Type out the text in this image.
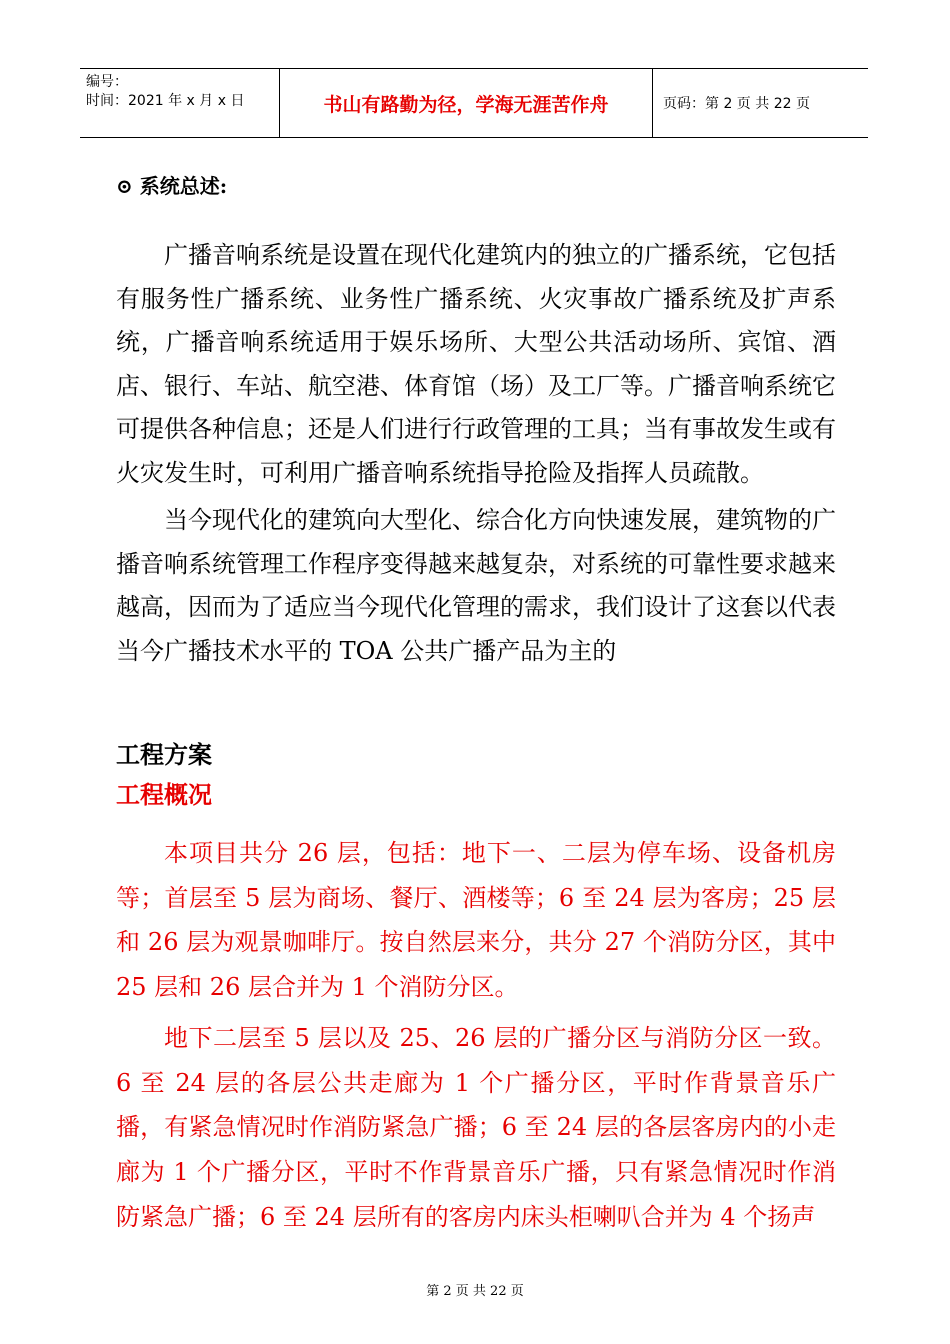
编号：
时间：2021 年 x 月 x 日	书山有路勤为径，学海无涯苦作舟	页码：第 2 页 共 22 页

⊙ 系统总述:

广播音响系统是设置在现代化建筑内的独立的广播系统，它包括有服务性广播系统、业务性广播系统、火灾事故广播系统及扩声系统，广播音响系统适用于娱乐场所、大型公共活动场所、宾馆、酒店、银行、车站、航空港、体育馆（场）及工厂等。广播音响系统它可提供各种信息；还是人们进行行政管理的工具；当有事故发生或有火灾发生时，可利用广播音响系统指导抢险及指挥人员疏散。

当今现代化的建筑向大型化、综合化方向快速发展，建筑物的广播音响系统管理工作程序变得越来越复杂，对系统的可靠性要求越来越高，因而为了适应当今现代化管理的需求，我们设计了这套以代表当今广播技术水平的 TOA 公共广播产品为主的

工程方案

工程概况

本项目共分 26 层，包括：地下一、二层为停车场、设备机房等；首层至 5 层为商场、餐厅、酒楼等；6 至 24 层为客房；25 层和 26 层为观景咖啡厅。按自然层来分，共分 27 个消防分区，其中 25 层和 26 层合并为 1 个消防分区。

地下二层至 5 层以及 25、26 层的广播分区与消防分区一致。6 至 24 层的各层公共走廊为 1 个广播分区，平时作背景音乐广播，有紧急情况时作消防紧急广播；6 至 24 层的各层客房内的小走廊为 1 个广播分区，平时不作背景音乐广播，只有紧急情况时作消防紧急广播；6 至 24 层所有的客房内床头柜喇叭合并为 4 个扬声

第 2 页 共 22 页
